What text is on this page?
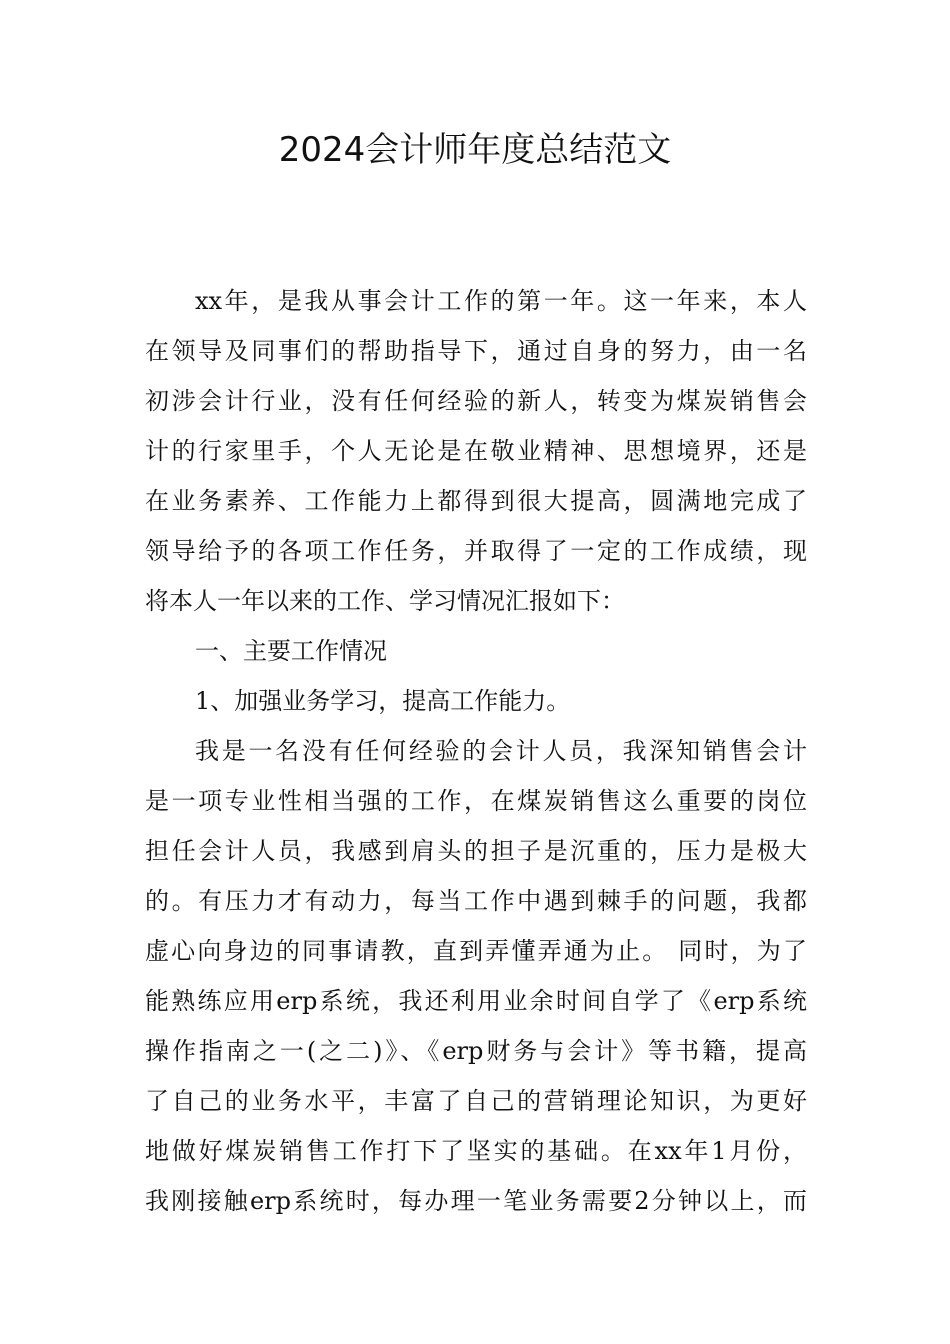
2024会计师年度总结范文
xx年，是我从事会计工作的第一年。这一年来，本人
在领导及同事们的帮助指导下，通过自身的努力，由一名
初涉会计行业，没有任何经验的新人，转变为煤炭销售会
计的行家里手，个人无论是在敬业精神、思想境界，还是
在业务素养、工作能力上都得到很大提高，圆满地完成了
领导给予的各项工作任务，并取得了一定的工作成绩，现
将本人一年以来的工作、学习情况汇报如下：
一、主要工作情况
1、加强业务学习，提高工作能力。
我是一名没有任何经验的会计人员，我深知销售会计
是一项专业性相当强的工作，在煤炭销售这么重要的岗位
担任会计人员，我感到肩头的担子是沉重的，压力是极大
的。有压力才有动力，每当工作中遇到棘手的问题，我都
虚心向身边的同事请教，直到弄懂弄通为止。 同时，为了
能熟练应用erp系统，我还利用业余时间自学了《erp系统
操作指南之一(之二)》、《erp财务与会计》等书籍，提高
了自己的业务水平，丰富了自己的营销理论知识，为更好
地做好煤炭销售工作打下了坚实的基础。在xx年1月份，
我刚接触erp系统时，每办理一笔业务需要2分钟以上，而
